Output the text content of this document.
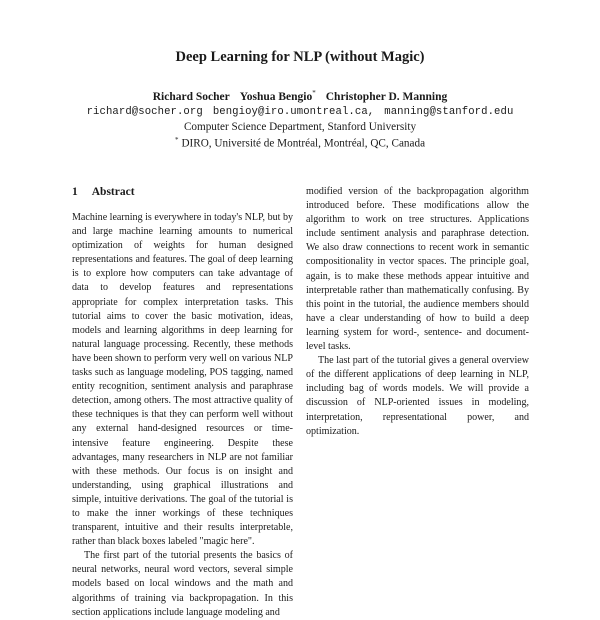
Deep Learning for NLP (without Magic)
Richard Socher Yoshua Bengio* Christopher D. Manning
richard@socher.org bengioy@iro.umontreal.ca, manning@stanford.edu
Computer Science Department, Stanford University
* DIRO, Université de Montréal, Montréal, QC, Canada
1 Abstract

Machine learning is everywhere in today's NLP, but by and large machine learning amounts to numerical optimization of weights for human designed representations and features. The goal of deep learning is to explore how computers can take advantage of data to develop features and representations appropriate for complex interpretation tasks. This tutorial aims to cover the basic motivation, ideas, models and learning algorithms in deep learning for natural language processing. Recently, these methods have been shown to perform very well on various NLP tasks such as language modeling, POS tagging, named entity recognition, sentiment analysis and paraphrase detection, among others. The most attractive quality of these techniques is that they can perform well without any external hand-designed resources or time-intensive feature engineering. Despite these advantages, many researchers in NLP are not familiar with these methods. Our focus is on insight and understanding, using graphical illustrations and simple, intuitive derivations. The goal of the tutorial is to make the inner workings of these techniques transparent, intuitive and their results interpretable, rather than black boxes labeled "magic here".

The first part of the tutorial presents the basics of neural networks, neural word vectors, several simple models based on local windows and the math and algorithms of training via backpropagation. In this section applications include language modeling and

modified version of the backpropagation algorithm introduced before. These modifications allow the algorithm to work on tree structures. Applications include sentiment analysis and paraphrase detection. We also draw connections to recent work in semantic compositionality in vector spaces. The principle goal, again, is to make these methods appear intuitive and interpretable rather than mathematically confusing. By this point in the tutorial, the audience members should have a clear understanding of how to build a deep learning system for word-, sentence- and document-level tasks.

The last part of the tutorial gives a general overview of the different applications of deep learning in NLP, including bag of words models. We will provide a discussion of NLP-oriented issues in modeling, interpretation, representational power, and optimization.
